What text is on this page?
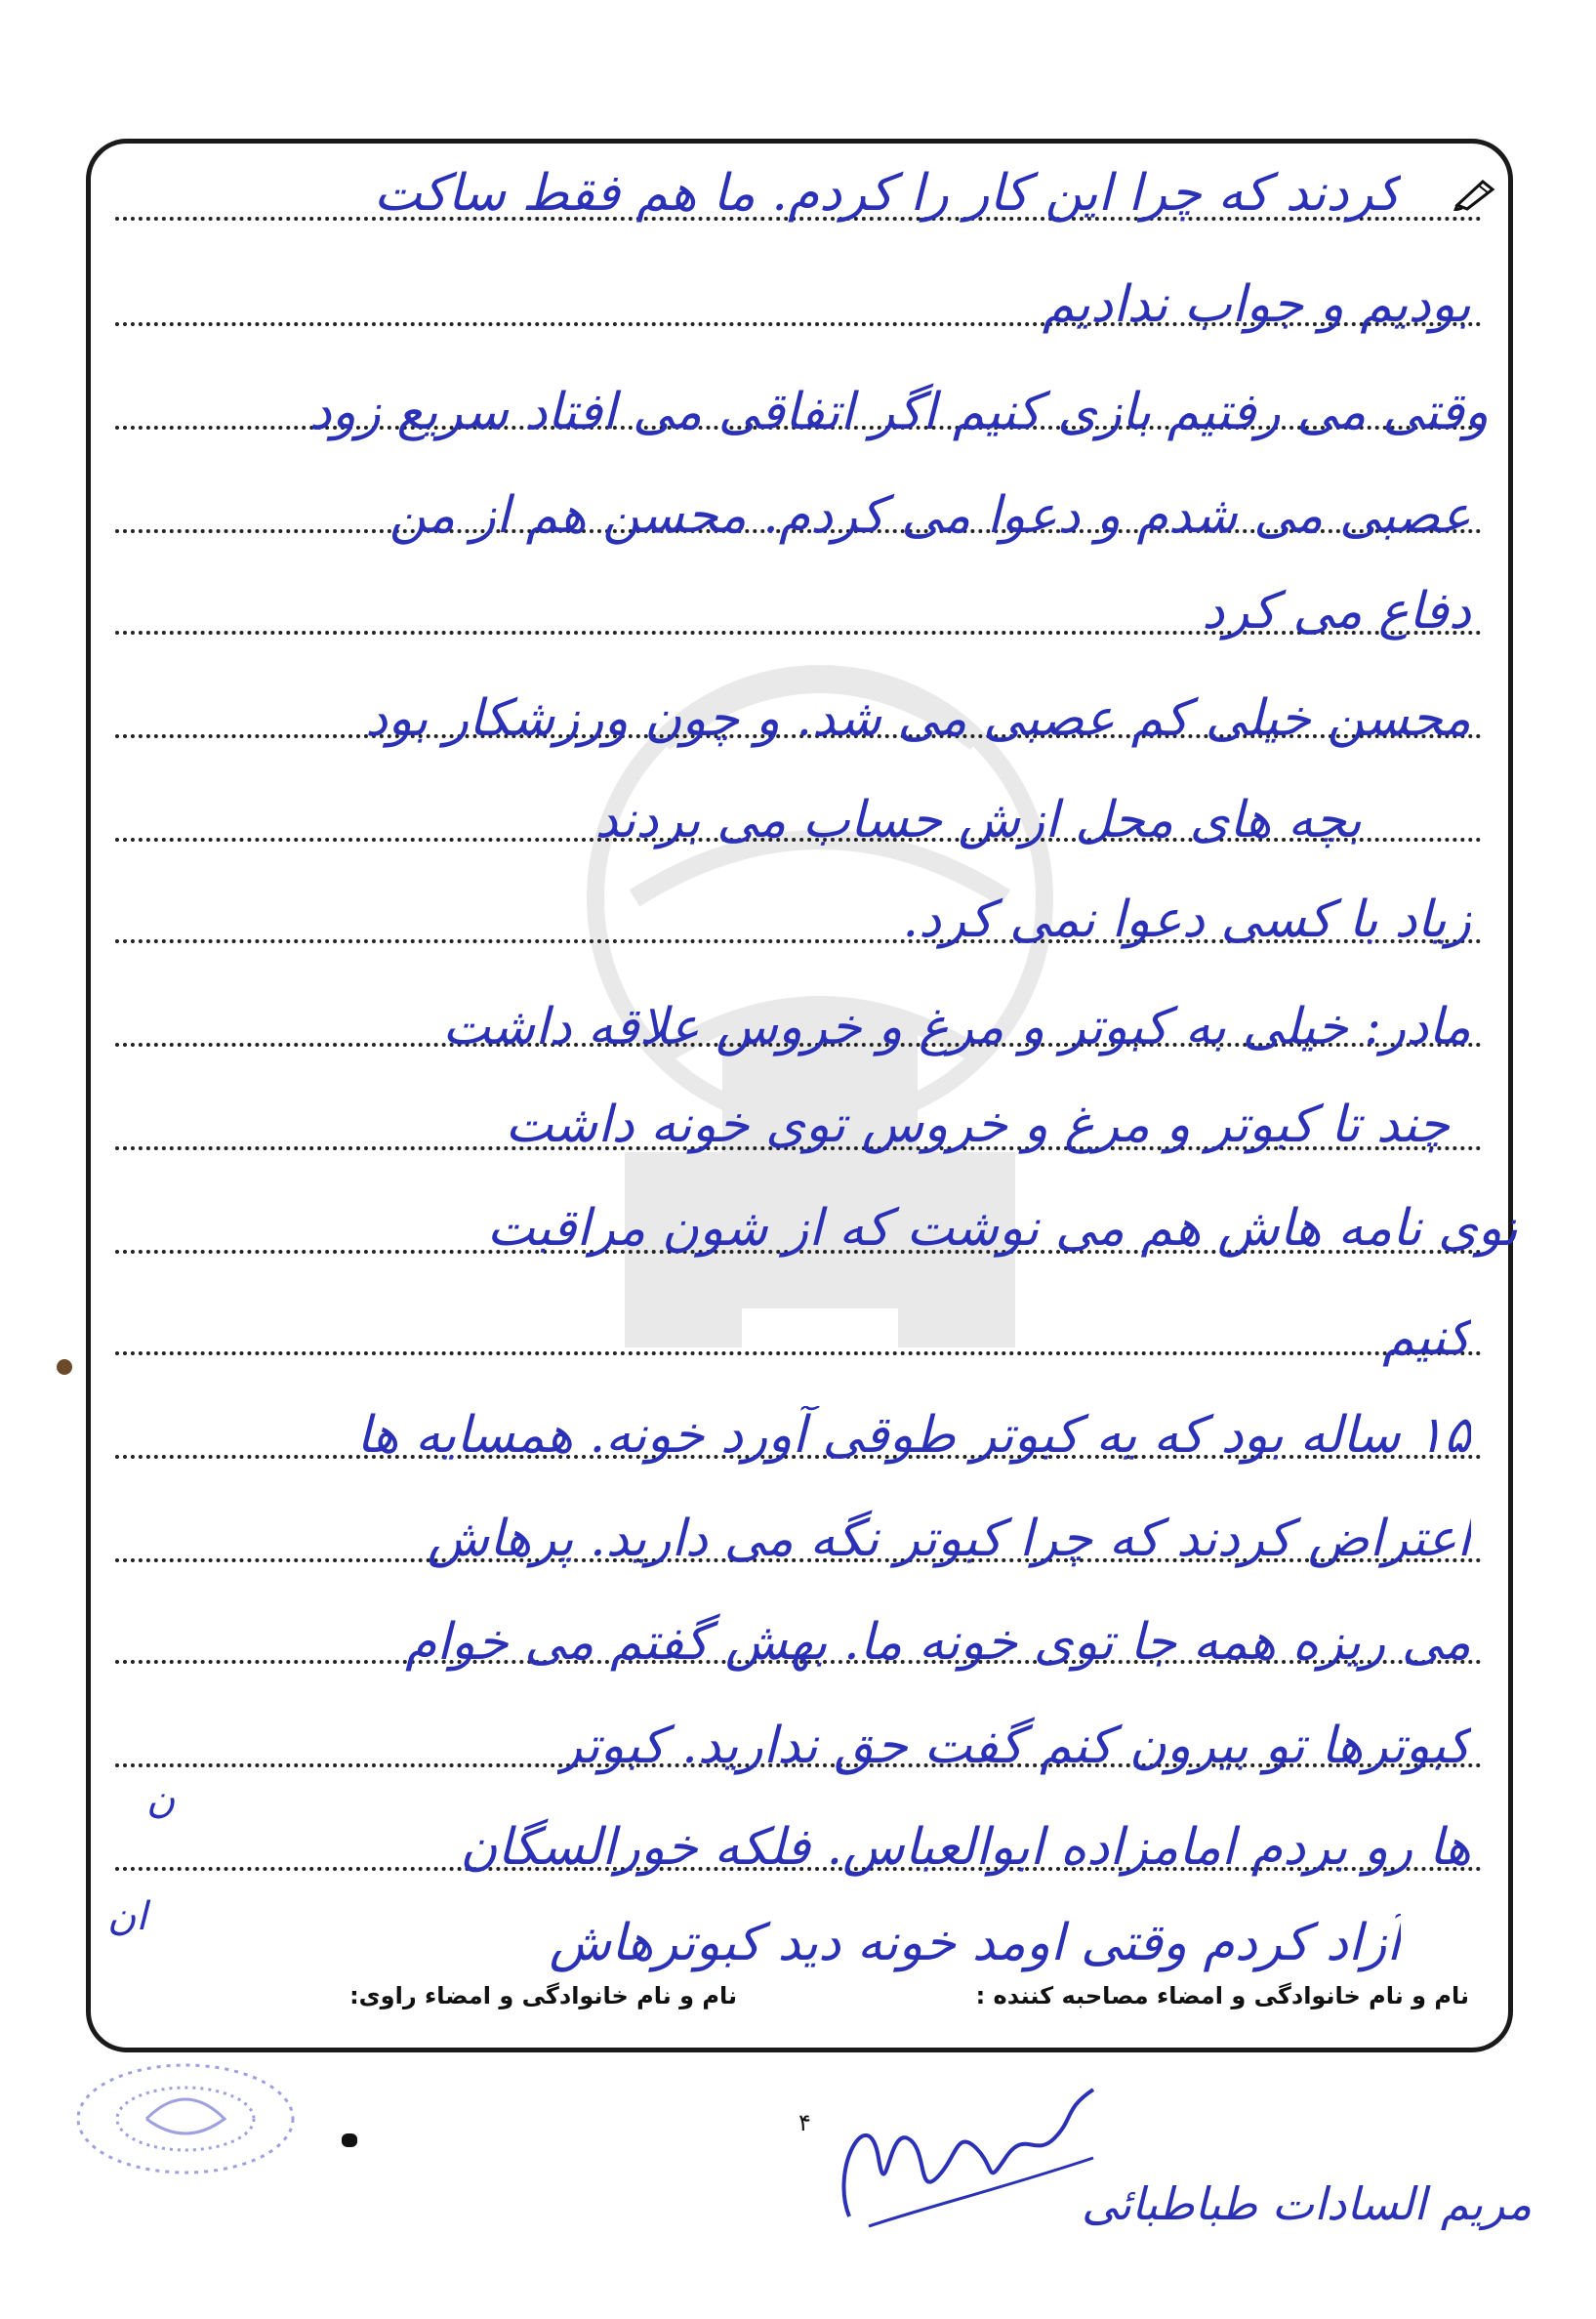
کردند که چرا این کار را کردم. ما هم فقط ساکت
بودیم و جواب ندادیم
وقتی می رفتیم بازی کنیم اگر اتفاقی می افتاد سریع زود
عصبی می شدم و دعوا می کردم. محسن هم از من
دفاع می کرد
محسن خیلی کم عصبی می شد. و چون ورزشکار بود
بچه های محل ازش حساب می بردند
زیاد با کسی دعوا نمی کرد.
مادر: خیلی به کبوتر و مرغ و خروس علاقه داشت
چند تا کبوتر و مرغ و خروس توی خونه داشت
توی نامه هاش هم می نوشت که از شون مراقبت
کنیم
۱۵ ساله بود که یه کبوتر طوقی آورد خونه. همسایه ها
اعتراض کردند که چرا کبوتر نگه می دارید. پرهاش
می ریزه همه جا توی خونه ما. بهش گفتم می خوام
کبوترها تو بیرون کنم گفت حق ندارید. کبوتر
ها رو بردم امامزاده ابوالعباس. فلکه خورالسگان
آزاد کردم وقتی اومد خونه دید کبوترهاش
ن
ان
نام و نام خانوادگی و امضاء مصاحبه کننده :
نام و نام خانوادگی و امضاء راوی:
۴
مریم السادات طباطبائی
